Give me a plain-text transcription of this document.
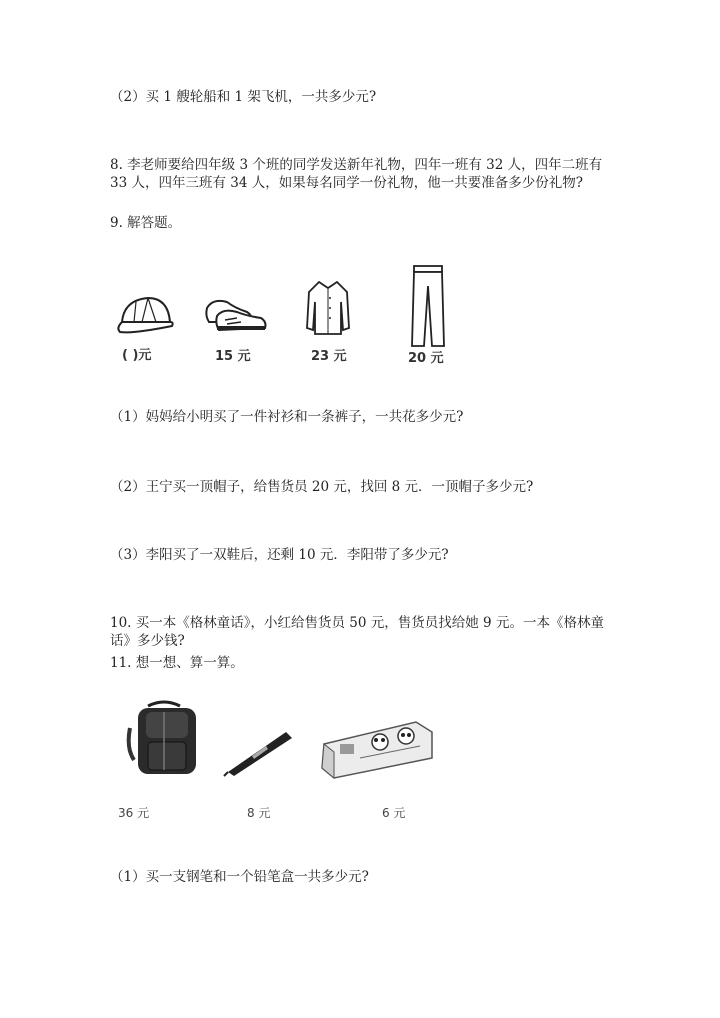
（2）买 1 艘轮船和 1 架飞机，一共多少元?
8. 李老师要给四年级 3 个班的同学发送新年礼物，四年一班有 32 人，四年二班有 33 人，四年三班有 34 人，如果每名同学一份礼物，他一共要准备多少份礼物?
9. 解答题。
( )元	15 元	23 元	20 元
（1）妈妈给小明买了一件衬衫和一条裤子，一共花多少元?
（2）王宁买一顶帽子，给售货员 20 元，找回 8 元．一顶帽子多少元?
（3）李阳买了一双鞋后，还剩 10 元．李阳带了多少元?
10. 买一本《格林童话》，小红给售货员 50 元，售货员找给她 9 元。一本《格林童话》多少钱?
11. 想一想、算一算。
36 元	8 元	6 元
（1）买一支钢笔和一个铅笔盒一共多少元?
